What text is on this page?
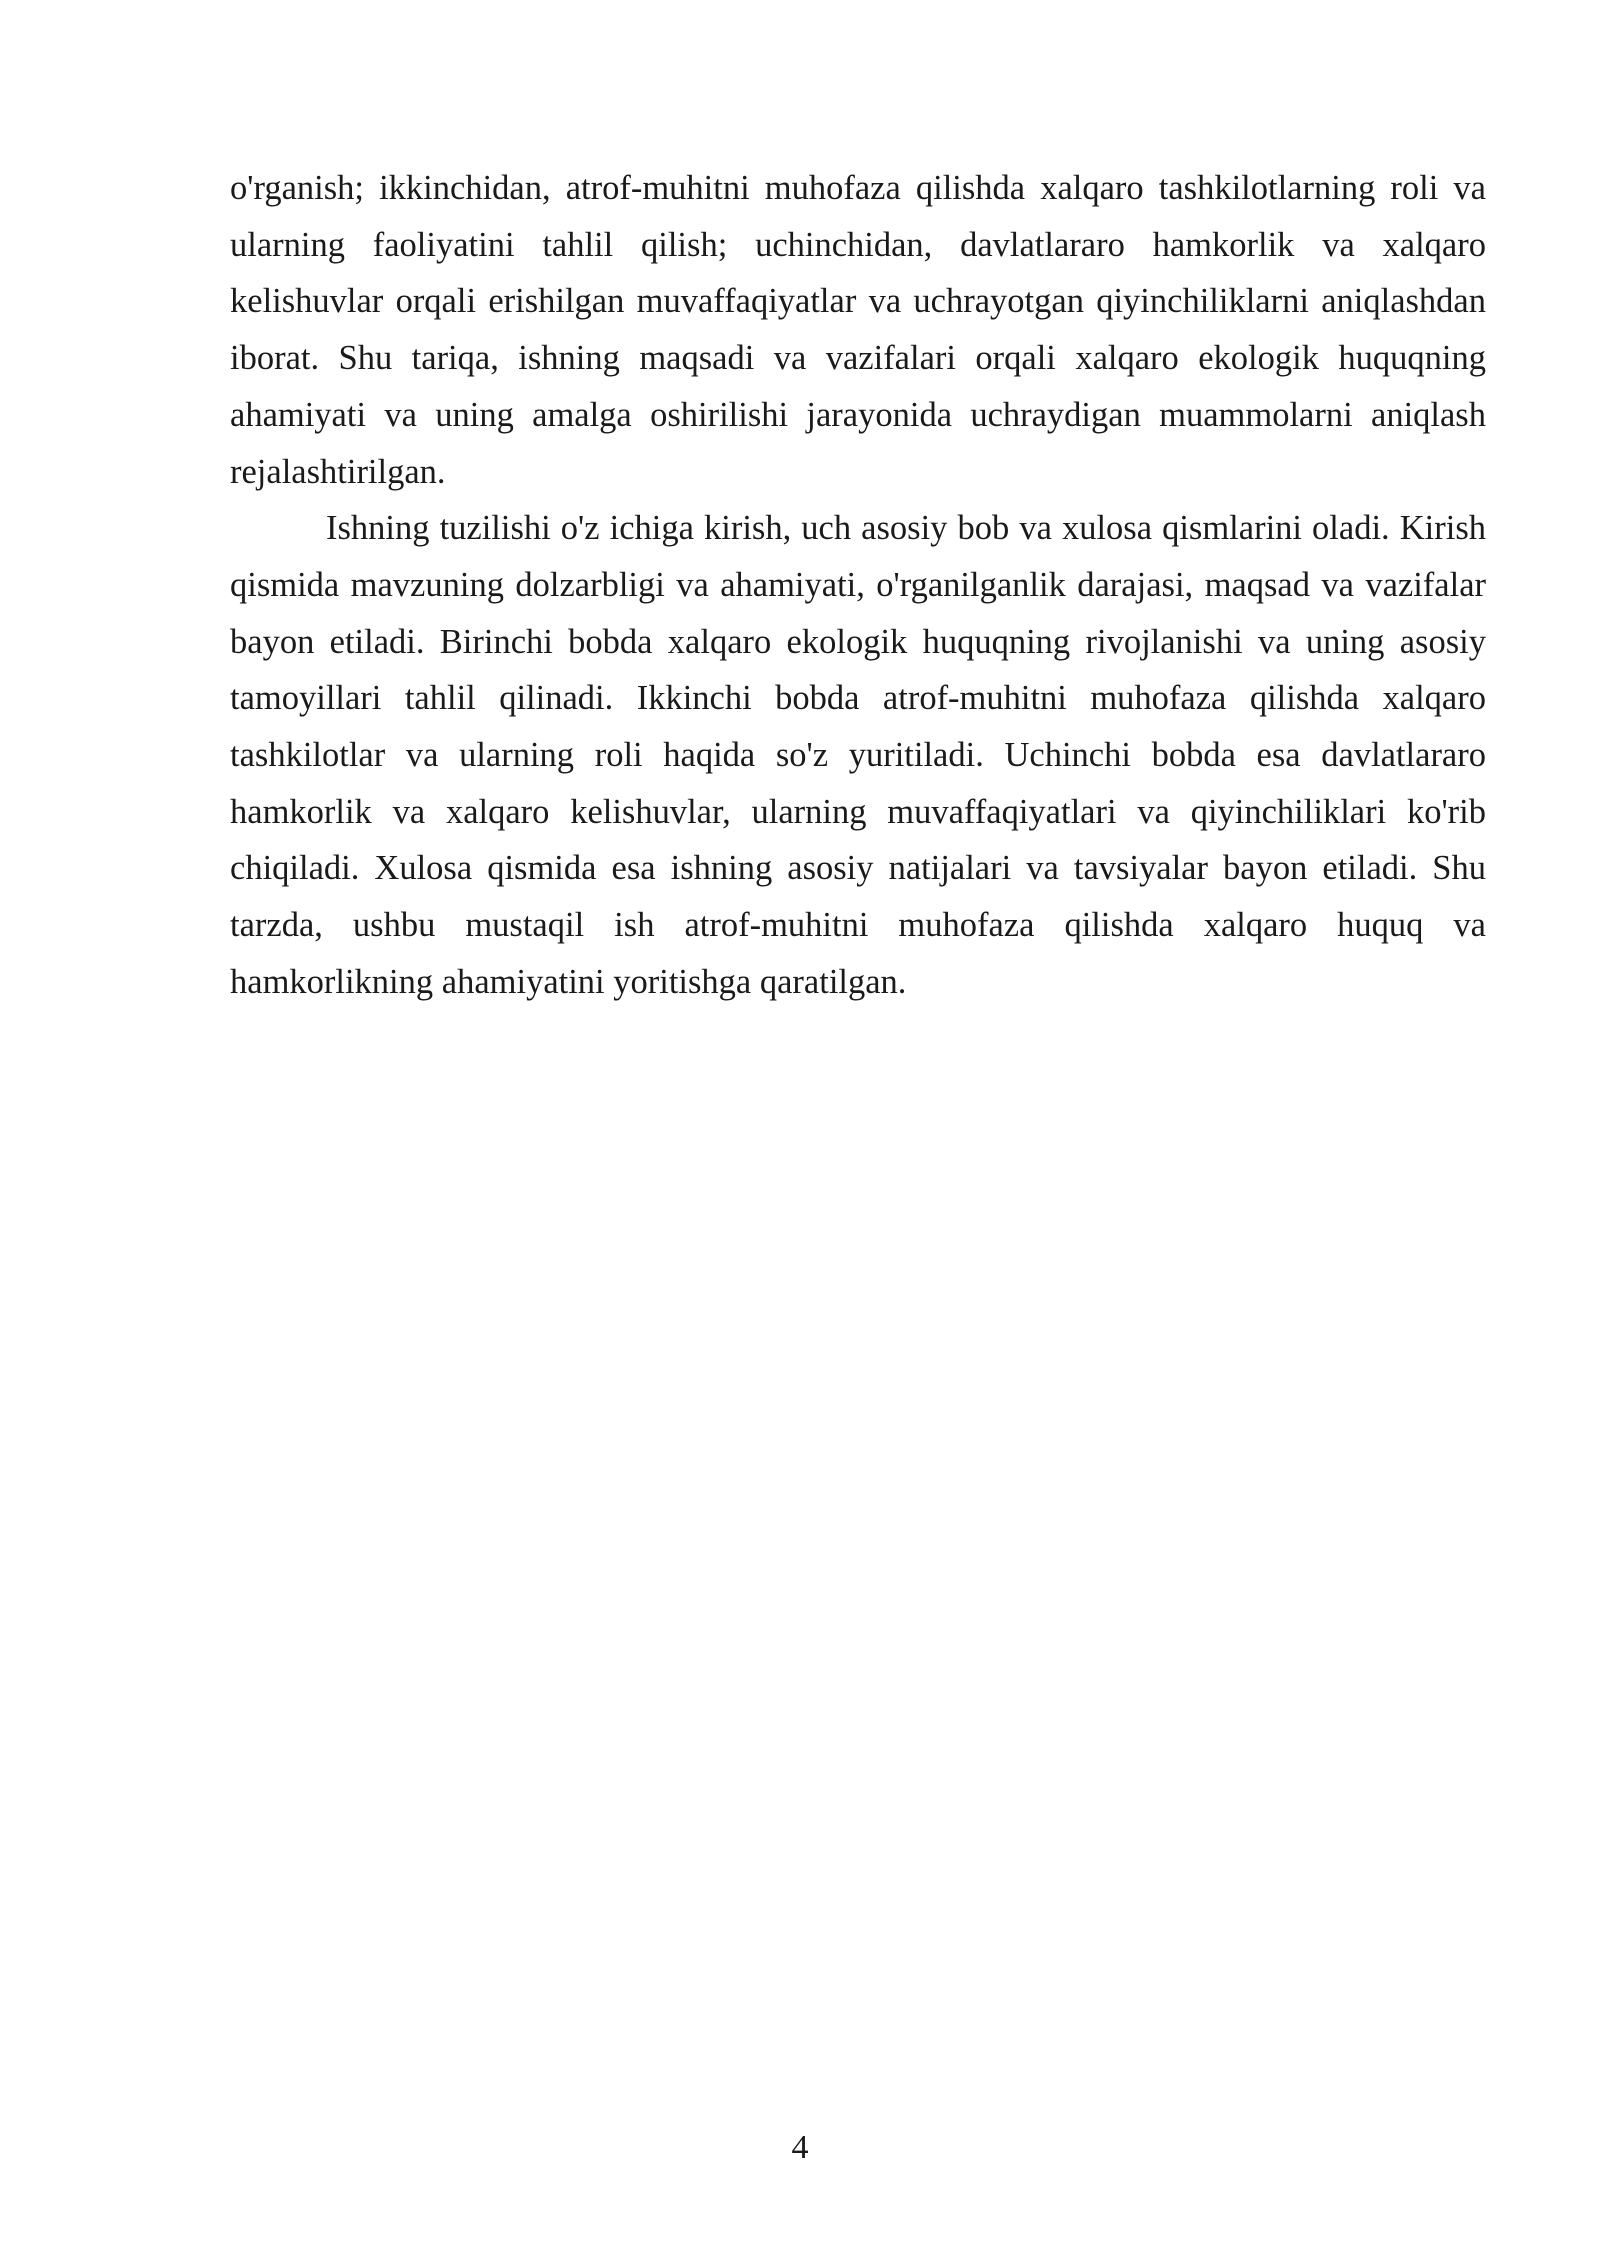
o'rganish; ikkinchidan, atrof-muhitni muhofaza qilishda xalqaro tashkilotlarning roli va ularning faoliyatini tahlil qilish; uchinchidan, davlatlararo hamkorlik va xalqaro kelishuvlar orqali erishilgan muvaffaqiyatlar va uchrayotgan qiyinchiliklarni aniqlashdan iborat. Shu tariqa, ishning maqsadi va vazifalari orqali xalqaro ekologik huquqning ahamiyati va uning amalga oshirilishi jarayonida uchraydigan muammolarni aniqlash rejalashtirilgan.

Ishning tuzilishi o'z ichiga kirish, uch asosiy bob va xulosa qismlarini oladi. Kirish qismida mavzuning dolzarbligi va ahamiyati, o'rganilganlik darajasi, maqsad va vazifalar bayon etiladi. Birinchi bobda xalqaro ekologik huquqning rivojlanishi va uning asosiy tamoyillari tahlil qilinadi. Ikkinchi bobda atrof-muhitni muhofaza qilishda xalqaro tashkilotlar va ularning roli haqida so'z yuritiladi. Uchinchi bobda esa davlatlararo hamkorlik va xalqaro kelishuvlar, ularning muvaffaqiyatlari va qiyinchiliklari ko'rib chiqiladi. Xulosa qismida esa ishning asosiy natijalari va tavsiyalar bayon etiladi. Shu tarzda, ushbu mustaqil ish atrof-muhitni muhofaza qilishda xalqaro huquq va hamkorlikning ahamiyatini yoritishga qaratilgan.

4
